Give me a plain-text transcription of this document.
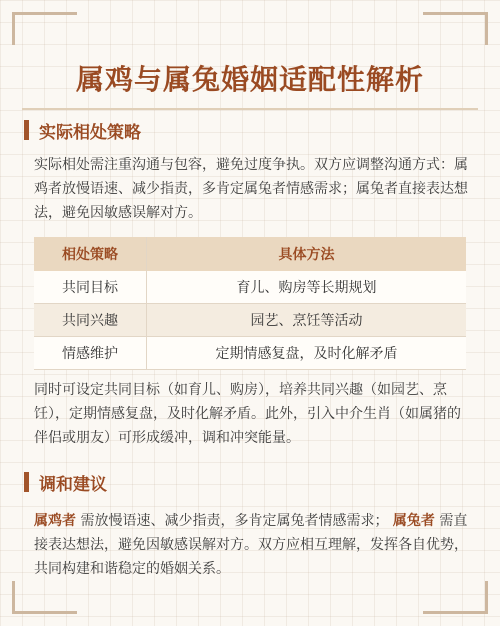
属鸡与属兔婚姻适配性解析
实际相处策略

实际相处需注重沟通与包容，避免过度争执。双方应调整沟通方式：属鸡者放慢语速、减少指责，多肯定属兔者情感需求；属兔者直接表达想法，避免因敏感误解对方。

相处策略	具体方法
共同目标	育儿、购房等长期规划
共同兴趣	园艺、烹饪等活动
情感维护	定期情感复盘，及时化解矛盾

同时可设定共同目标（如育儿、购房），培养共同兴趣（如园艺、烹饪），定期情感复盘，及时化解矛盾。此外，引入中介生肖（如属猪的伴侣或朋友）可形成缓冲，调和冲突能量。

调和建议

属鸡者 需放慢语速、减少指责，多肯定属兔者情感需求； 属兔者 需直接表达想法，避免因敏感误解对方。双方应相互理解，发挥各自优势，共同构建和谐稳定的婚姻关系。
